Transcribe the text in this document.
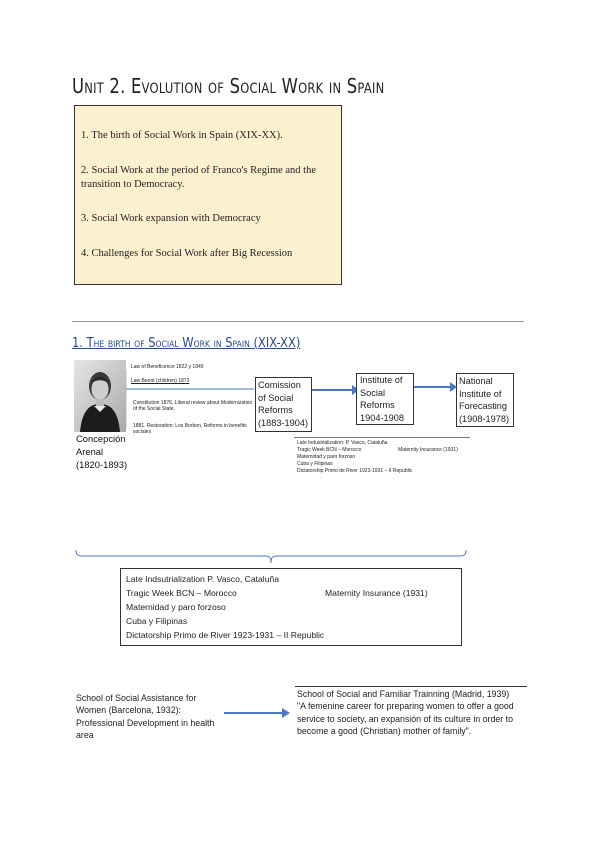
Unit 2. Evolution of Social Work in Spain

1. The birth of Social Work in Spain (XIX-XX).

2. Social Work at the period of Franco's Regime and the transition to Democracy.

3. Social Work expansion with Democracy

4. Challenges for Social Work after Big Recession

1. The birth of Social Work in Spain (XIX-XX)
Concepción Arenal
(1820-1893)
Law of Beneficence 1822 y 1849
Law Benot (children) 1873
Constitution 1876. Liberal review about Modernization of the Social State.
1881. Restoration: Los Borbon, Reforms in benefits sociales
Comission of Social Reforms
(1883-1904)
Institute of Social Reforms
1904-1908
National Institute of Forecasting
(1908-1978)
Late Industrialization: P. Vasco, Cataluña
Tragic Week BCN – Morocco
Maternidad y paro forzoso
Cuba y Filipinas
Dictatorship Primo de River 1923-1931 – II Republic
Maternity Insurance (1931)
Late Indsutrialization P. Vasco, Cataluña
Tragic Week BCN – Morocco
Maternidad y paro forzoso
Cuba y Filipinas
Dictatorship Primo de River 1923-1931 – II Republic
Maternity Insurance (1931)
School of Social Assistance for Women (Barcelona, 1932): Professional Development in health area
School of Social and Familiar Trainning (Madrid, 1939)
"A femenine career for preparing women to offer a good service to society, an expansión of its culture in order to become a good (Christian) mother of family".
